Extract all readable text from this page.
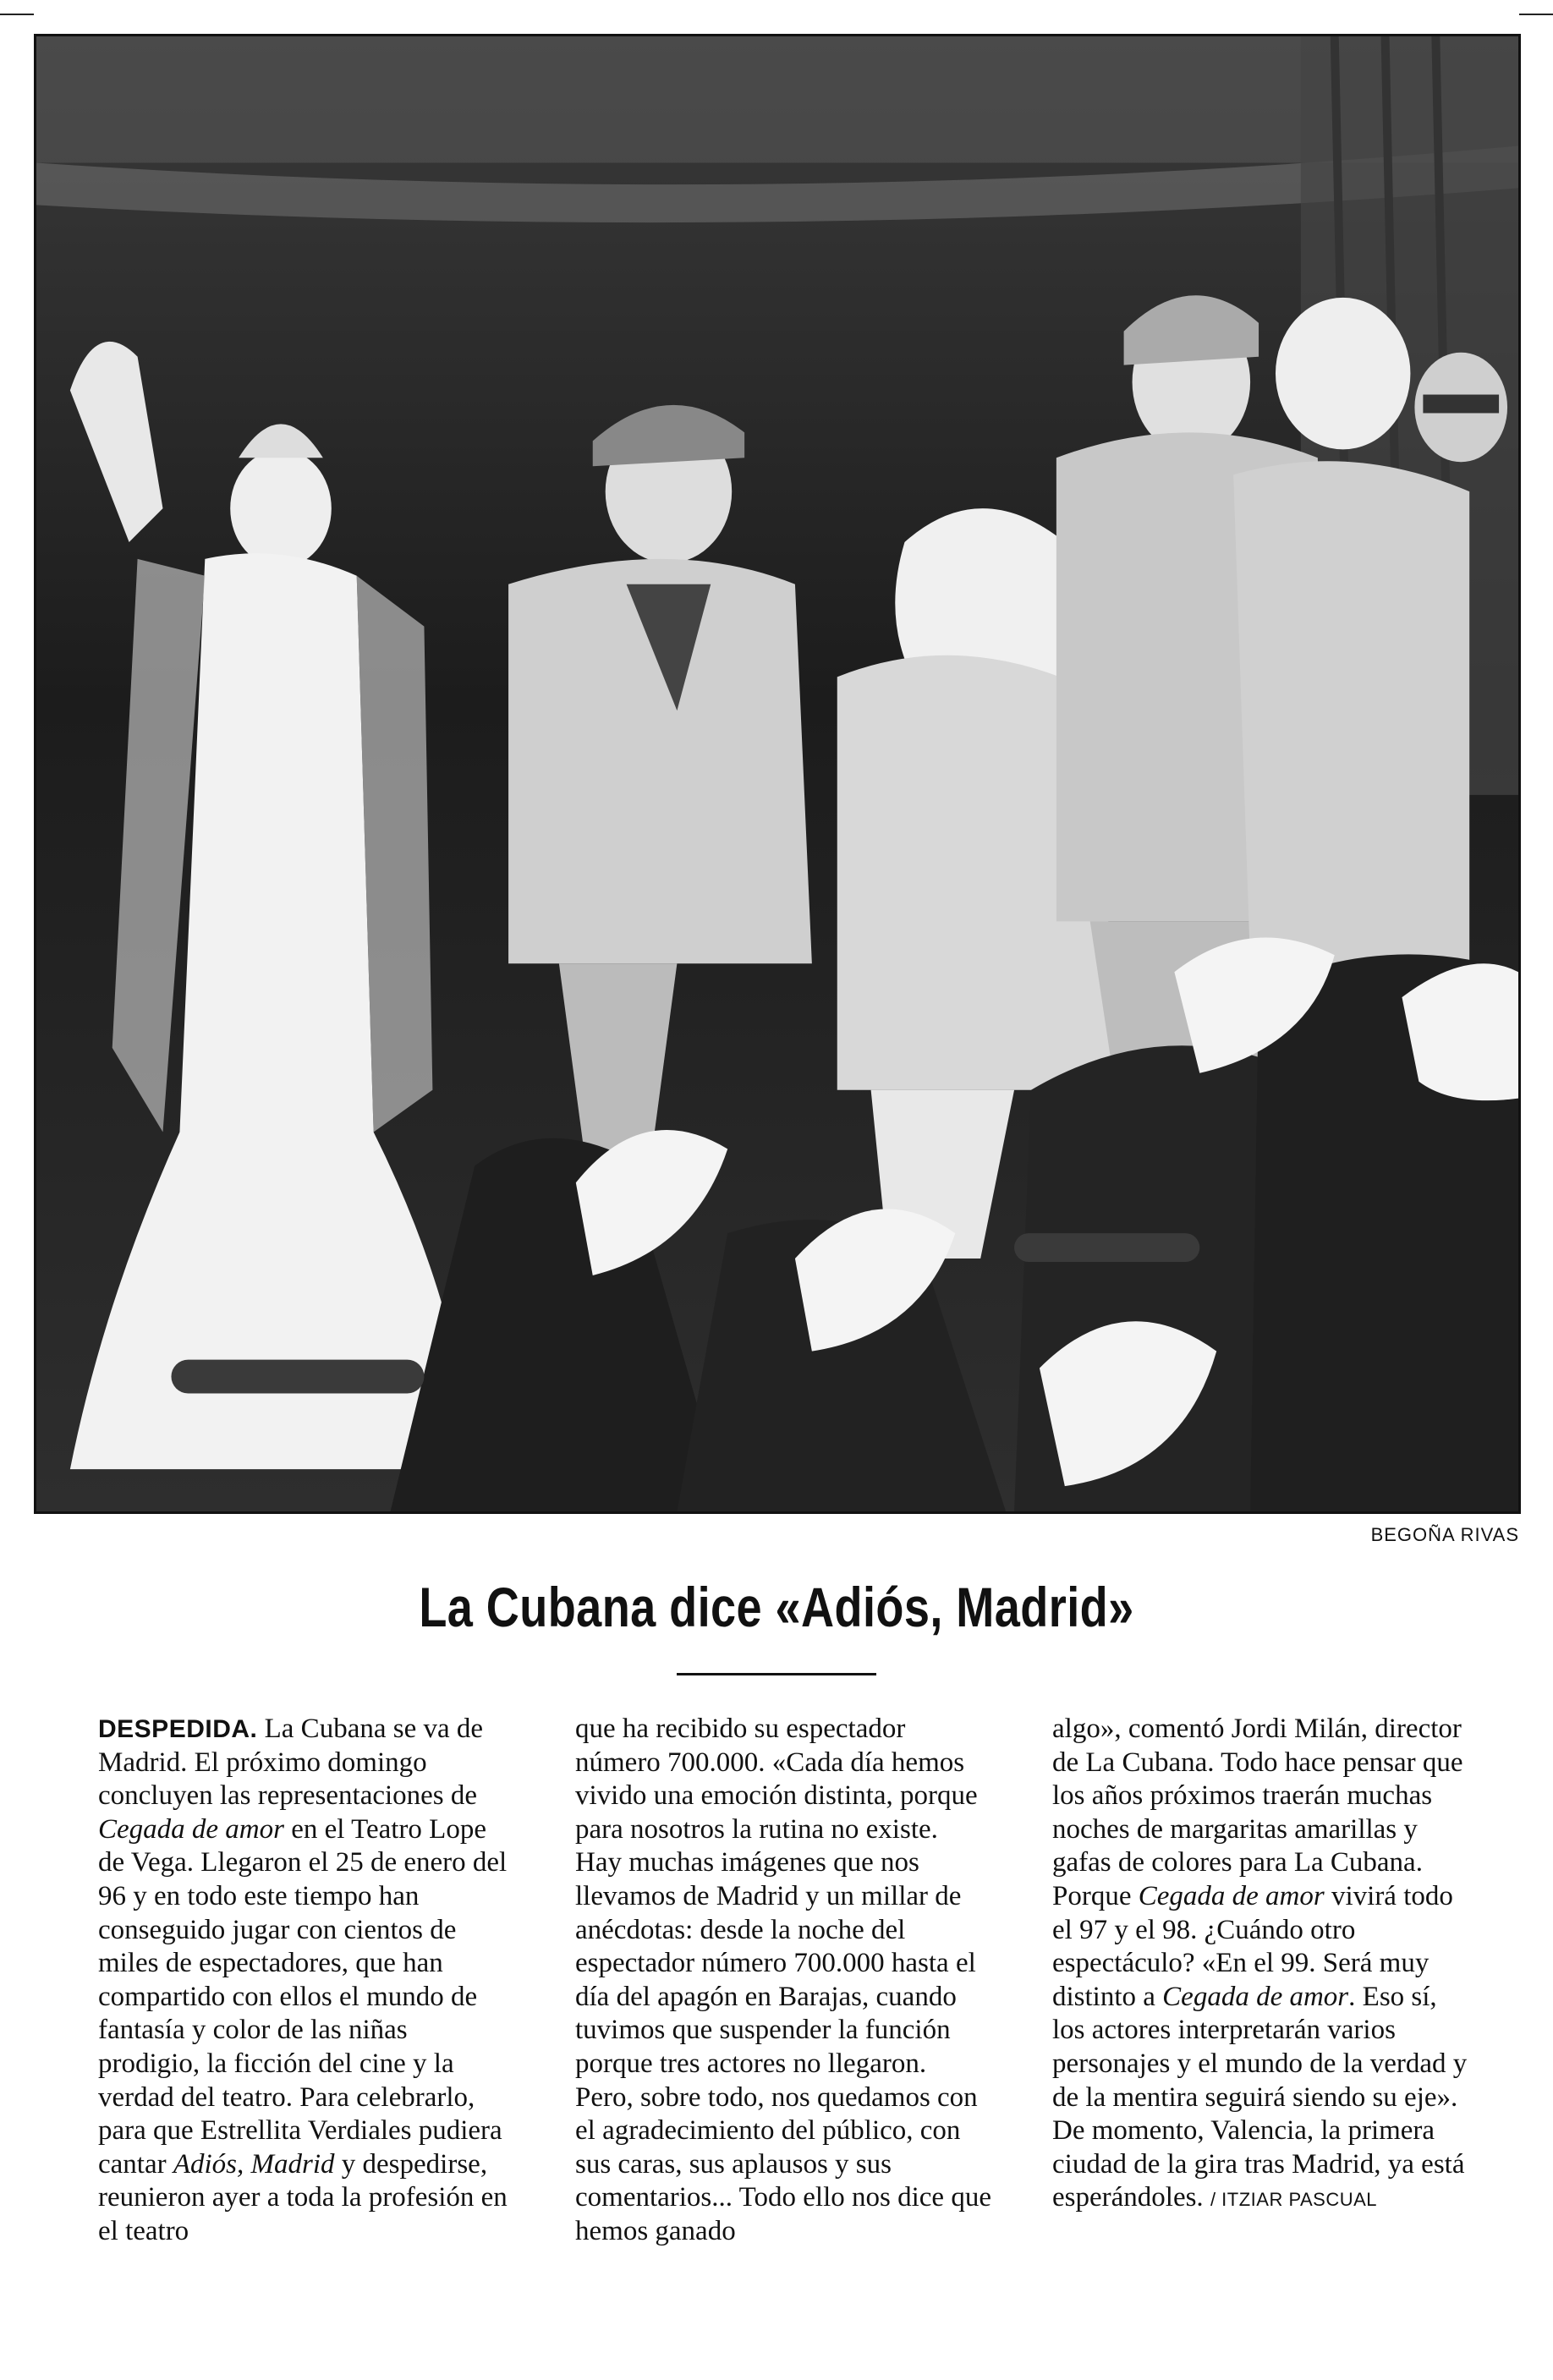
BEGOÑA RIVAS
La Cubana dice «Adiós, Madrid»

DESPEDIDA. La Cubana se va de Madrid. El próximo domingo concluyen las representaciones de Cegada de amor en el Teatro Lope de Vega. Llegaron el 25 de enero del 96 y en todo este tiempo han conseguido jugar con cientos de miles de espectadores, que han compartido con ellos el mundo de fantasía y color de las niñas prodigio, la ficción del cine y la verdad del teatro. Para celebrarlo, para que Estrellita Verdiales pudiera cantar Adiós, Madrid y despedirse, reunieron ayer a toda la profesión en el teatro

que ha recibido su espectador número 700.000. «Cada día hemos vivido una emoción distinta, porque para nosotros la rutina no existe. Hay muchas imágenes que nos llevamos de Madrid y un millar de anécdotas: desde la noche del espectador número 700.000 hasta el día del apagón en Barajas, cuando tuvimos que suspender la función porque tres actores no llegaron. Pero, sobre todo, nos quedamos con el agradecimiento del público, con sus caras, sus aplausos y sus comentarios... Todo ello nos dice que hemos ganado

algo», comentó Jordi Milán, director de La Cubana. Todo hace pensar que los años próximos traerán muchas noches de margaritas amarillas y gafas de colores para La Cubana. Porque Cegada de amor vivirá todo el 97 y el 98. ¿Cuándo otro espectáculo? «En el 99. Será muy distinto a Cegada de amor. Eso sí, los actores interpretarán varios personajes y el mundo de la verdad y de la mentira seguirá siendo su eje». De momento, Valencia, la primera ciudad de la gira tras Madrid, ya está esperándoles. / ITZIAR PASCUAL
